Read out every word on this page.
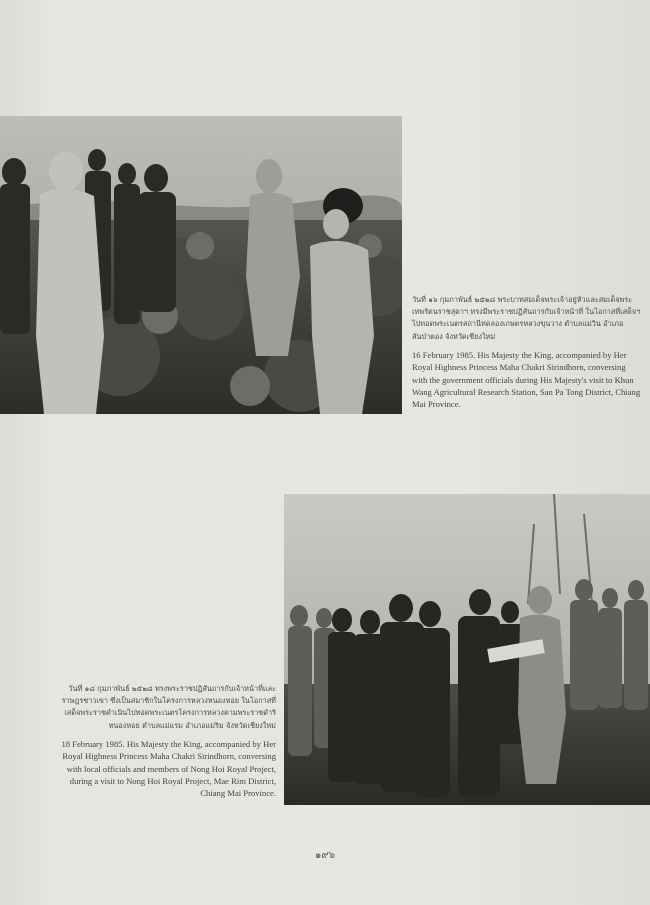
วันที่ ๑๖ กุมภาพันธ์ ๒๕๒๘ พระบาทสมเด็จพระเจ้าอยู่หัวและสมเด็จพระเทพรัตนราชสุดาฯ ทรงมีพระราชปฏิสันถารกับเจ้าหน้าที่ ในโอกาสที่เสด็จฯ ไปทอดพระเนตรสถานีทดลองเกษตรหลวงขุนวาง ตำบลแม่วิน อำเภอสันป่าตอง จังหวัดเชียงใหม่

16 February 1985. His Majesty the King, accompanied by Her Royal Highness Princess Maha Chakri Sirindhorn, conversing with the government officials during His Majesty's visit to Khun Wang Agricultural Research Station, San Pa Tong District, Chiang Mai Province.

วันที่ ๑๘ กุมภาพันธ์ ๒๕๒๘ ทรงพระราชปฏิสันถารกับเจ้าหน้าที่และราษฎรชาวเขา ซึ่งเป็นสมาชิกในโครงการหลวงหนองหอย ในโอกาสที่เสด็จพระราชดำเนินไปทอดพระเนตรโครงการหลวงตามพระราชดำริหนองหอย ตำบลแม่แรม อำเภอแม่ริม จังหวัดเชียงใหม่

18 February 1985. His Majesty the King, accompanied by Her Royal Highness Princess Maha Chakri Sirindhorn, conversing with local officials and members of Nong Hoi Royal Project, during a visit to Nong Hoi Royal Project, Mae Rim District, Chiang Mai Province.

๑๙๖
